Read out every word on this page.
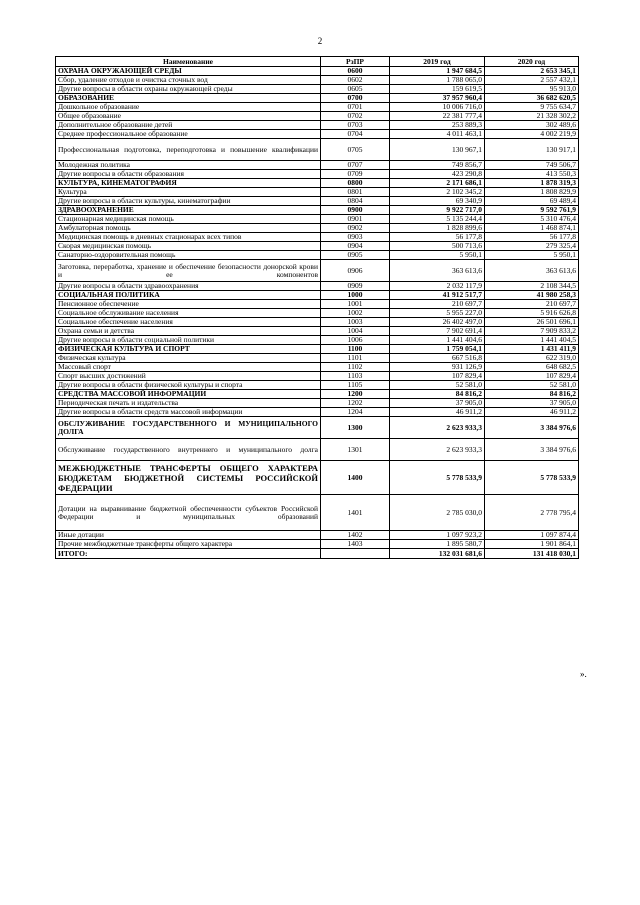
2
Наименование	РзПР	2019 год	2020 год
ОХРАНА ОКРУЖАЮЩЕЙ СРЕДЫ	0600	1 947 684,5	2 653 345,1
Сбор, удаление отходов и очистка сточных вод	0602	1 788 065,0	2 557 432,1
Другие вопросы в области охраны окружающей среды	0605	159 619,5	95 913,0
ОБРАЗОВАНИЕ	0700	37 957 960,4	36 682 620,5
Дошкольное образование	0701	10 006 716,0	9 755 634,7
Общее образование	0702	22 381 777,4	21 328 302,2
Дополнительное образование детей	0703	253 889,3	302 489,6
Среднее профессиональное образование	0704	4 011 463,1	4 002 219,9
Профессиональная подготовка, переподготовка и повышение квалификации	0705	130 967,1	130 917,1
Молодежная политика	0707	749 856,7	749 506,7
Другие вопросы в области образования	0709	423 290,8	413 550,3
КУЛЬТУРА, КИНЕМАТОГРАФИЯ	0800	2 171 686,1	1 878 319,3
Культура	0801	2 102 345,2	1 808 829,9
Другие вопросы в области культуры, кинематографии	0804	69 340,9	69 489,4
ЗДРАВООХРАНЕНИЕ	0900	9 922 717,0	9 592 761,9
Стационарная медицинская помощь	0901	5 135 244,4	5 310 476,4
Амбулаторная помощь	0902	1 828 899,6	1 468 874,1
Медицинская помощь в дневных стационарах всех типов	0903	56 177,8	56 177,8
Скорая медицинская помощь	0904	500 713,6	279 325,4
Санаторно-оздоровительная помощь	0905	5 950,1	5 950,1
Заготовка, переработка, хранение и обеспечение безопасности донорской крови и ее компонентов	0906	363 613,6	363 613,6
Другие вопросы в области здравоохранения	0909	2 032 117,9	2 108 344,5
СОЦИАЛЬНАЯ ПОЛИТИКА	1000	41 912 517,7	41 980 258,3
Пенсионное обеспечение	1001	210 697,7	210 697,7
Социальное обслуживание населения	1002	5 955 227,0	5 916 626,8
Социальное обеспечение населения	1003	26 402 497,0	26 501 696,1
Охрана семьи и детства	1004	7 902 691,4	7 909 833,2
Другие вопросы в области социальной политики	1006	1 441 404,6	1 441 404,5
ФИЗИЧЕСКАЯ КУЛЬТУРА И СПОРТ	1100	1 759 054,1	1 431 411,9
Физическая культура	1101	667 516,8	622 319,0
Массовый спорт	1102	931 126,9	648 682,5
Спорт высших достижений	1103	107 829,4	107 829,4
Другие вопросы в области физической культуры и спорта	1105	52 581,0	52 581,0
СРЕДСТВА МАССОВОЙ ИНФОРМАЦИИ	1200	84 816,2	84 816,2
Периодическая печать и издательства	1202	37 905,0	37 905,0
Другие вопросы в области средств массовой информации	1204	46 911,2	46 911,2
ОБСЛУЖИВАНИЕ ГОСУДАРСТВЕННОГО И МУНИЦИПАЛЬНОГО ДОЛГА	1300	2 623 933,3	3 384 976,6
Обслуживание государственного внутреннего и муниципального долга	1301	2 623 933,3	3 384 976,6
МЕЖБЮДЖЕТНЫЕ ТРАНСФЕРТЫ ОБЩЕГО ХАРАКТЕРА БЮДЖЕТАМ БЮДЖЕТНОЙ СИСТЕМЫ РОССИЙСКОЙ ФЕДЕРАЦИИ	1400	5 778 533,9	5 778 533,9
Дотации на выравнивание бюджетной обеспеченности субъектов Российской Федерации и муниципальных образований	1401	2 785 030,0	2 778 795,4
Иные дотации	1402	1 097 923,2	1 097 874,4
Прочие межбюджетные трансферты общего характера	1403	1 895 580,7	1 901 864,1
ИТОГО:		132 031 681,6	131 418 030,1
».
